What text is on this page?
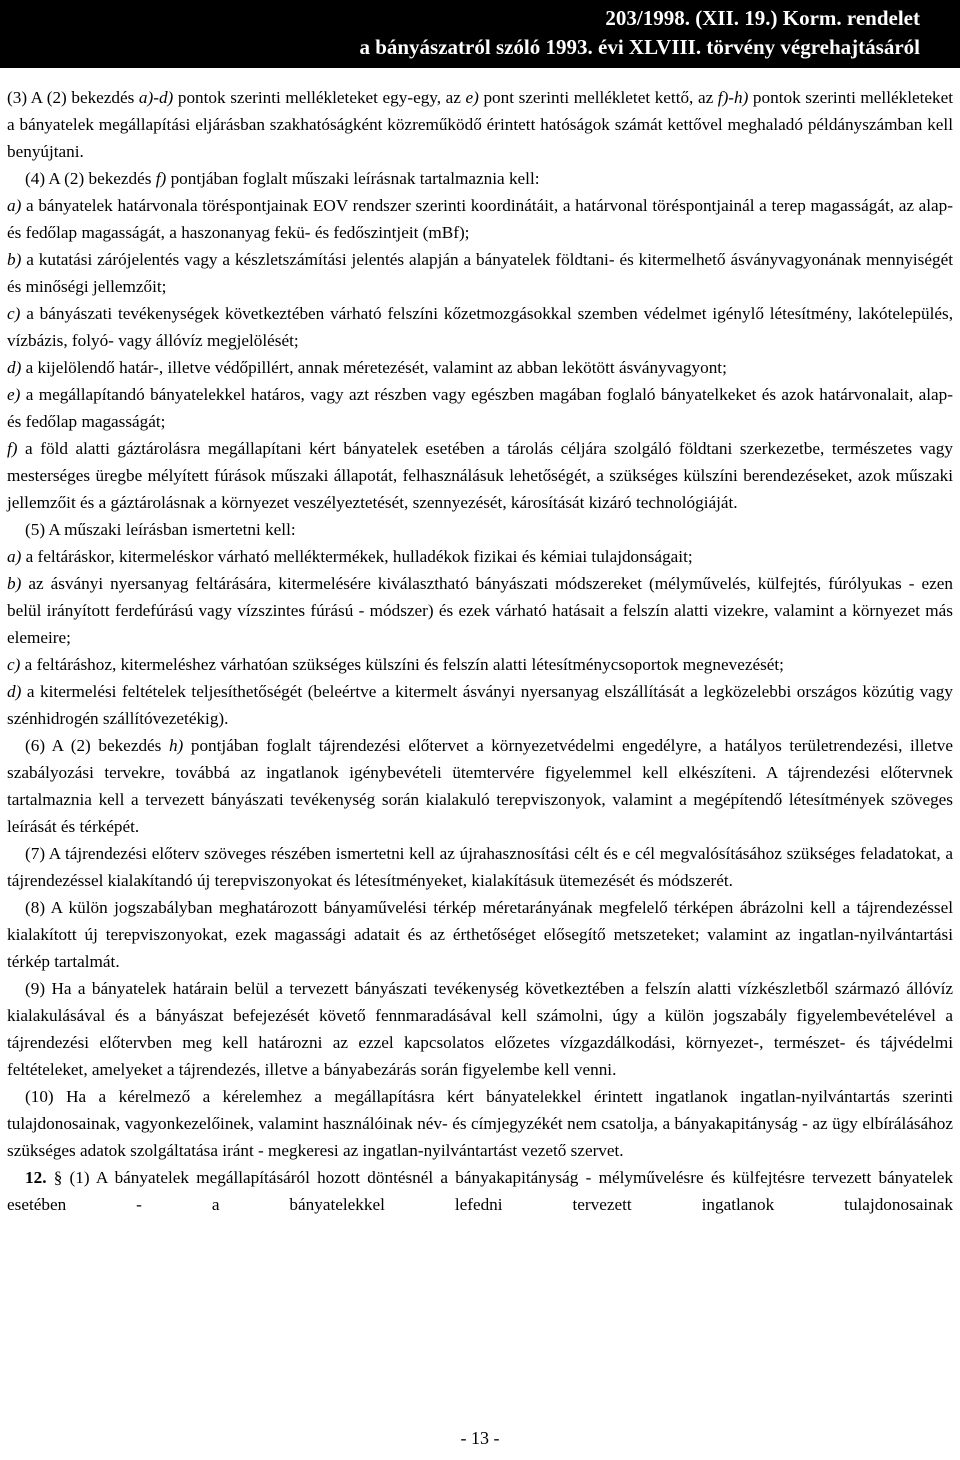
203/1998. (XII. 19.) Korm. rendelet
a bányászatról szóló 1993. évi XLVIII. törvény végrehajtásáról

(3) A (2) bekezdés a)-d) pontok szerinti mellékleteket egy-egy, az e) pont szerinti mellékletet kettő, az f)-h) pontok szerinti mellékleteket a bányatelek megállapítási eljárásban szakhatóságként közreműködő érintett hatóságok számát kettővel meghaladó példányszámban kell benyújtani.

(4) A (2) bekezdés f) pontjában foglalt műszaki leírásnak tartalmaznia kell:

a) a bányatelek határvonala töréspontjainak EOV rendszer szerinti koordinátáit, a határvonal töréspontjainál a terep magasságát, az alap- és fedőlap magasságát, a haszonanyag fekü- és fedőszintjeit (mBf);

b) a kutatási zárójelentés vagy a készletszámítási jelentés alapján a bányatelek földtani- és kitermelhető ásványvagyonának mennyiségét és minőségi jellemzőit;

c) a bányászati tevékenységek következtében várható felszíni kőzetmozgásokkal szemben védelmet igénylő létesítmény, lakótelepülés, vízbázis, folyó- vagy állóvíz megjelölését;

d) a kijelölendő határ-, illetve védőpillért, annak méretezését, valamint az abban lekötött ásványvagyont;

e) a megállapítandó bányatelekkel határos, vagy azt részben vagy egészben magában foglaló bányatelkeket és azok határvonalait, alap- és fedőlap magasságát;

f) a föld alatti gáztárolásra megállapítani kért bányatelek esetében a tárolás céljára szolgáló földtani szerkezetbe, természetes vagy mesterséges üregbe mélyített fúrások műszaki állapotát, felhasználásuk lehetőségét, a szükséges külszíni berendezéseket, azok műszaki jellemzőit és a gáztárolásnak a környezet veszélyeztetését, szennyezését, károsítását kizáró technológiáját.

(5) A műszaki leírásban ismertetni kell:

a) a feltáráskor, kitermeléskor várható melléktermékek, hulladékok fizikai és kémiai tulajdonságait;

b) az ásványi nyersanyag feltárására, kitermelésére kiválasztható bányászati módszereket (mélyművelés, külfejtés, fúrólyukas - ezen belül irányított ferdefúrású vagy vízszintes fúrású - módszer) és ezek várható hatásait a felszín alatti vizekre, valamint a környezet más elemeire;

c) a feltáráshoz, kitermeléshez várhatóan szükséges külszíni és felszín alatti létesítménycsoportok megnevezését;

d) a kitermelési feltételek teljesíthetőségét (beleértve a kitermelt ásványi nyersanyag elszállítását a legközelebbi országos közútig vagy szénhidrogén szállítóvezetékig).

(6) A (2) bekezdés h) pontjában foglalt tájrendezési előtervet a környezetvédelmi engedélyre, a hatályos területrendezési, illetve szabályozási tervekre, továbbá az ingatlanok igénybevételi ütemtervére figyelemmel kell elkészíteni. A tájrendezési előtervnek tartalmaznia kell a tervezett bányászati tevékenység során kialakuló terepviszonyok, valamint a megépítendő létesítmények szöveges leírását és térképét.

(7) A tájrendezési előterv szöveges részében ismertetni kell az újrahasznosítási célt és e cél megvalósításához szükséges feladatokat, a tájrendezéssel kialakítandó új terepviszonyokat és létesítményeket, kialakításuk ütemezését és módszerét.

(8) A külön jogszabályban meghatározott bányaművelési térkép méretarányának megfelelő térképen ábrázolni kell a tájrendezéssel kialakított új terepviszonyokat, ezek magassági adatait és az érthetőséget elősegítő metszeteket; valamint az ingatlan-nyilvántartási térkép tartalmát.

(9) Ha a bányatelek határain belül a tervezett bányászati tevékenység következtében a felszín alatti vízkészletből származó állóvíz kialakulásával és a bányászat befejezését követő fennmaradásával kell számolni, úgy a külön jogszabály figyelembevételével a tájrendezési előtervben meg kell határozni az ezzel kapcsolatos előzetes vízgazdálkodási, környezet-, természet- és tájvédelmi feltételeket, amelyeket a tájrendezés, illetve a bányabezárás során figyelembe kell venni.

(10) Ha a kérelmező a kérelemhez a megállapításra kért bányatelekkel érintett ingatlanok ingatlan-nyilvántartás szerinti tulajdonosainak, vagyonkezelőinek, valamint használóinak név- és címjegyzékét nem csatolja, a bányakapitányság - az ügy elbírálásához szükséges adatok szolgáltatása iránt - megkeresi az ingatlan-nyilvántartást vezető szervet.

12. § (1) A bányatelek megállapításáról hozott döntésnél a bányakapitányság - mélyművelésre és külfejtésre tervezett bányatelek esetében - a bányatelekkel lefedni tervezett ingatlanok tulajdonosainak

- 13 -
